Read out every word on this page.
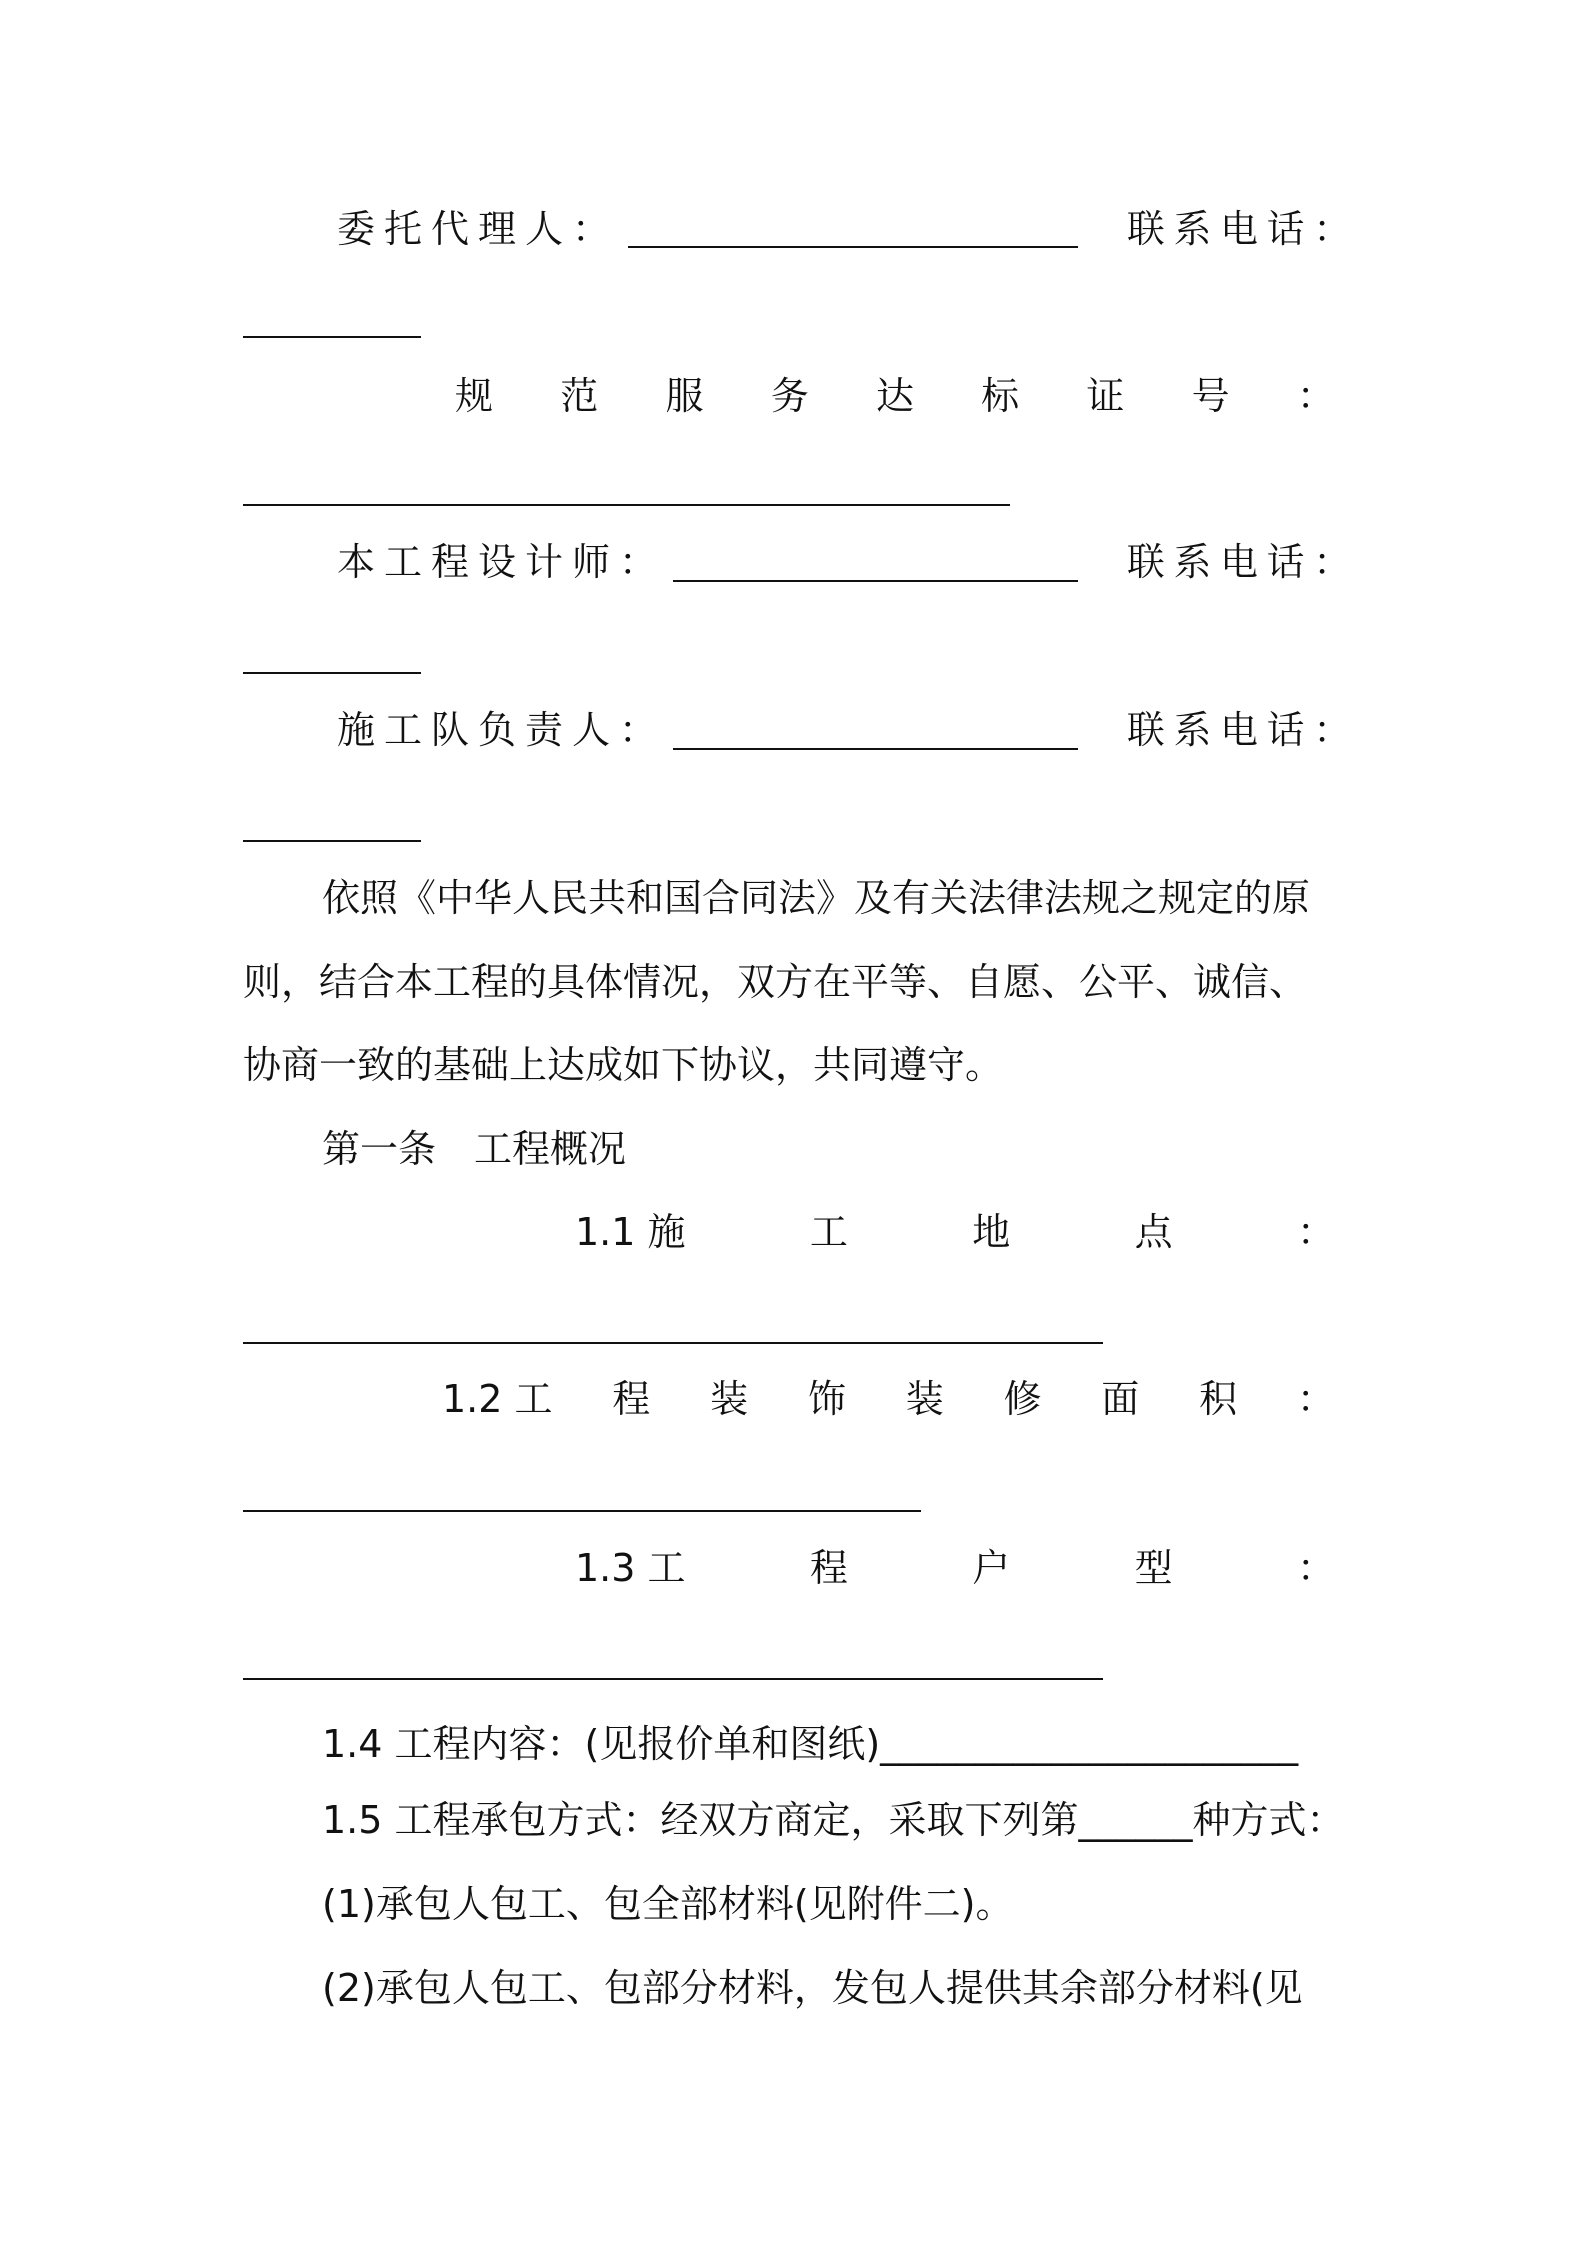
委托代理人：	联系电话：
规 范 服 务 达 标 证 号 ：
本工程设计师：	联系电话：
施工队负责人：	联系电话：
依照《中华人民共和国合同法》及有关法律法规之规定的原
则，结合本工程的具体情况，双方在平等、自愿、公平、诚信、
协商一致的基础上达成如下协议，共同遵守。
第一条　工程概况
1.1 施	工	地	点	：
1.2 工 程 装 饰 装 修 面 积 ：
1.3 工	程	户	型	：
1.4 工程内容：(见报价单和图纸)______________________
1.5 工程承包方式：经双方商定，采取下列第______种方式：
(1)承包人包工、包全部材料(见附件二)。
(2)承包人包工、包部分材料，发包人提供其余部分材料(见
